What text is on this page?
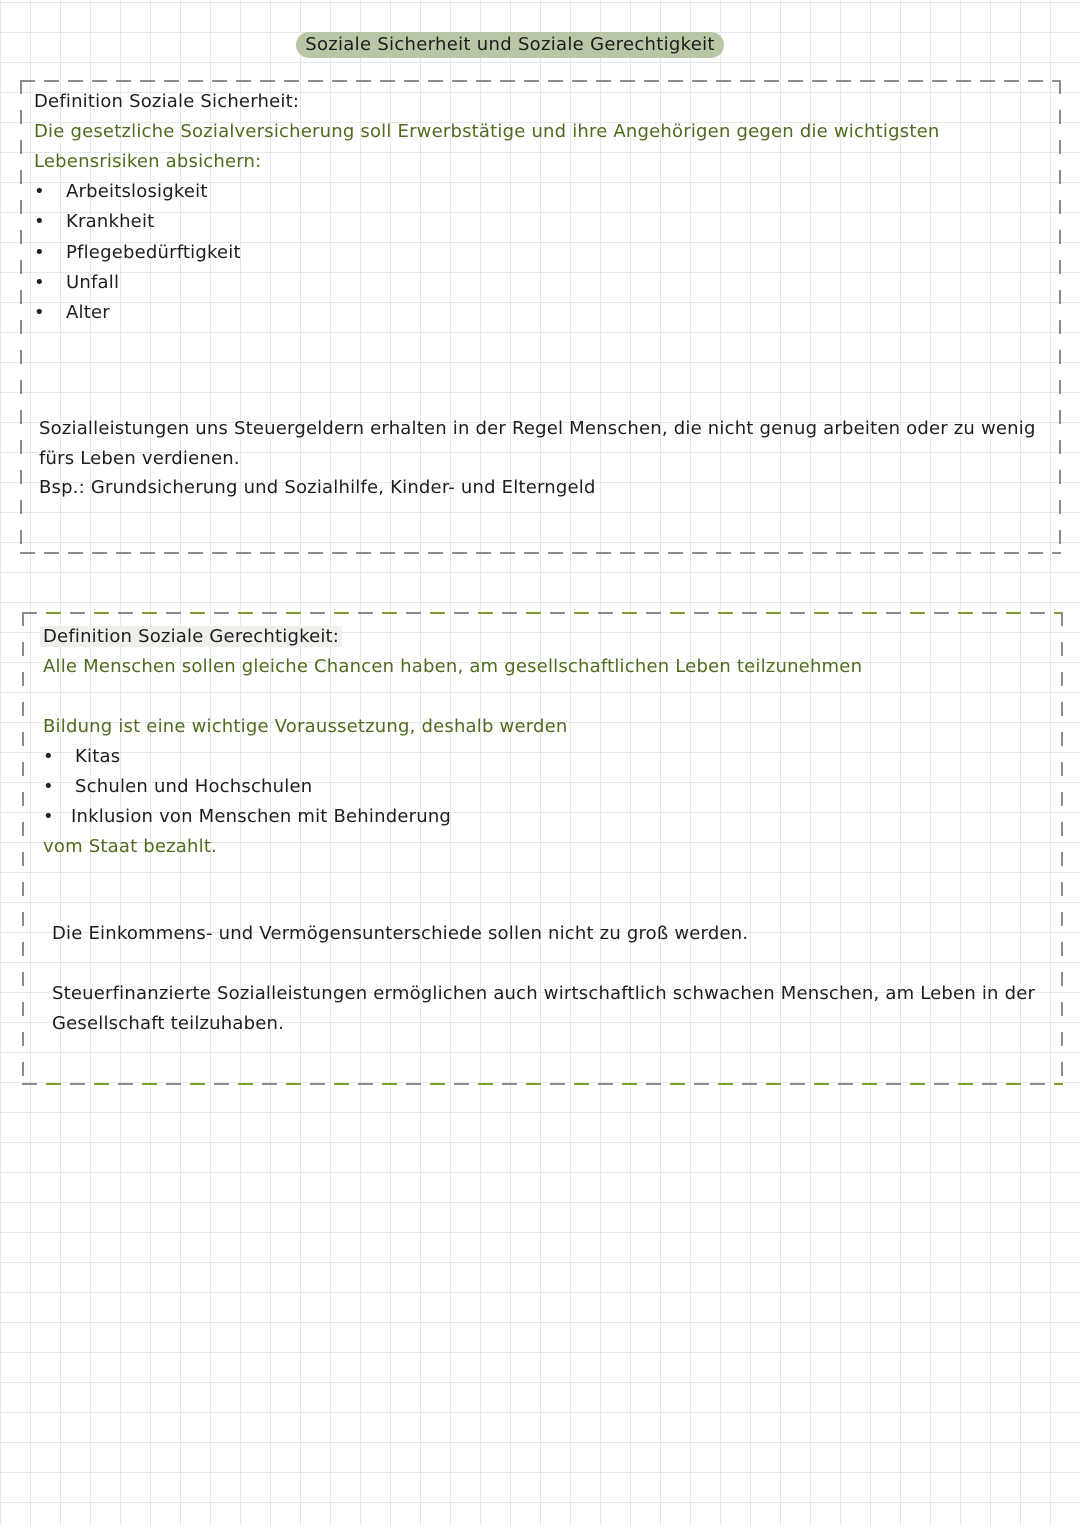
Soziale Sicherheit und Soziale Gerechtigkeit
Definition Soziale Sicherheit:
Die gesetzliche Sozialversicherung soll Erwerbstätige und ihre Angehörigen gegen die wichtigsten
Lebensrisiken absichern:
• Arbeitslosigkeit
• Krankheit
• Pflegebedürftigkeit
• Unfall
• Alter
Sozialleistungen uns Steuergeldern erhalten in der Regel Menschen, die nicht genug arbeiten oder zu wenig
fürs Leben verdienen.
Bsp.: Grundsicherung und Sozialhilfe, Kinder- und Elterngeld
Definition Soziale Gerechtigkeit:
Alle Menschen sollen gleiche Chancen haben, am gesellschaftlichen Leben teilzunehmen
Bildung ist eine wichtige Voraussetzung, deshalb werden
• Kitas
• Schulen und Hochschulen
• Inklusion von Menschen mit Behinderung
vom Staat bezahlt.
Die Einkommens- und Vermögensunterschiede sollen nicht zu groß werden.
Steuerfinanzierte Sozialleistungen ermöglichen auch wirtschaftlich schwachen Menschen, am Leben in der
Gesellschaft teilzuhaben.
